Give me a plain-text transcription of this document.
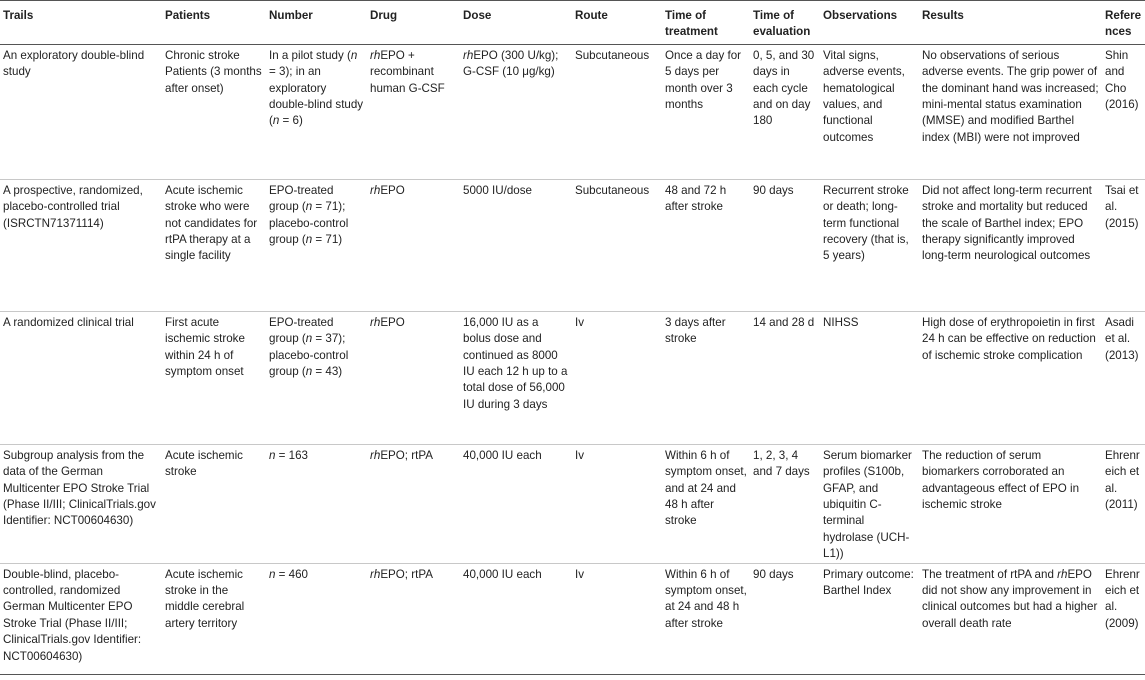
Trails	Patients	Number	Drug	Dose	Route	Time of treatment	Time of evaluation	Observations	Results	References
An exploratory double-blind study	Chronic stroke Patients (3 months after onset)	In a pilot study (n = 3); in an exploratory double-blind study (n = 6)	rhEPO + recombinant human G-CSF	rhEPO (300 U/kg); G-CSF (10 μg/kg)	Subcutaneous	Once a day for 5 days per month over 3 months	0, 5, and 30 days in each cycle and on day 180	Vital signs, adverse events, hematological values, and functional outcomes	No observations of serious adverse events. The grip power of the dominant hand was increased; mini-mental status examination (MMSE) and modified Barthel index (MBI) were not improved	Shin and Cho (2016)
A prospective, randomized, placebo-controlled trial (ISRCTN71371114)	Acute ischemic stroke who were not candidates for rtPA therapy at a single facility	EPO-treated group (n = 71); placebo-control group (n = 71)	rhEPO	5000 IU/dose	Subcutaneous	48 and 72 h after stroke	90 days	Recurrent stroke or death; long-term functional recovery (that is, 5 years)	Did not affect long-term recurrent stroke and mortality but reduced the scale of Barthel index; EPO therapy significantly improved long-term neurological outcomes	Tsai et al. (2015)
A randomized clinical trial	First acute ischemic stroke within 24 h of symptom onset	EPO-treated group (n = 37); placebo-control group (n = 43)	rhEPO	16,000 IU as a bolus dose and continued as 8000 IU each 12 h up to a total dose of 56,000 IU during 3 days	Iv	3 days after stroke	14 and 28 d	NIHSS	High dose of erythropoietin in first 24 h can be effective on reduction of ischemic stroke complication	Asadi et al. (2013)
Subgroup analysis from the data of the German Multicenter EPO Stroke Trial (Phase II/III; ClinicalTrials.gov Identifier: NCT00604630)	Acute ischemic stroke	n = 163	rhEPO; rtPA	40,000 IU each	Iv	Within 6 h of symptom onset, and at 24 and 48 h after stroke	1, 2, 3, 4 and 7 days	Serum biomarker profiles (S100b, GFAP, and ubiquitin C-terminal hydrolase (UCH-L1))	The reduction of serum biomarkers corroborated an advantageous effect of EPO in ischemic stroke	Ehrenreich et al. (2011)
Double-blind, placebo-controlled, randomized German Multicenter EPO Stroke Trial (Phase II/III; ClinicalTrials.gov Identifier: NCT00604630)	Acute ischemic stroke in the middle cerebral artery territory	n = 460	rhEPO; rtPA	40,000 IU each	Iv	Within 6 h of symptom onset, at 24 and 48 h after stroke	90 days	Primary outcome: Barthel Index	The treatment of rtPA and rhEPO did not show any improvement in clinical outcomes but had a higher overall death rate	Ehrenreich et al. (2009)
